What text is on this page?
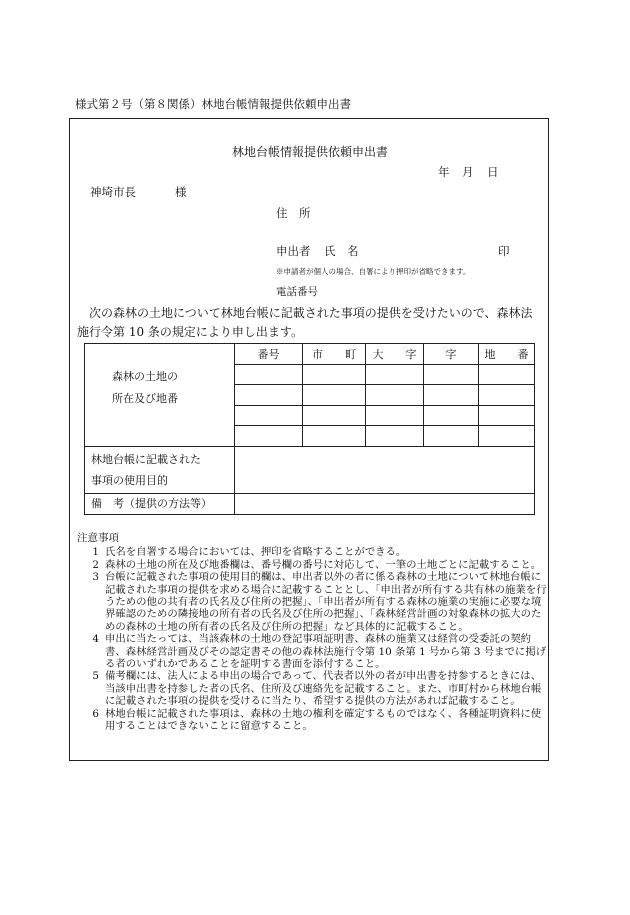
様式第２号（第８関係）林地台帳情報提供依頼申出書
林地台帳情報提供依頼申出書
年 月 日
神埼市長	様
住　所
申出者 氏　名	印
※申請者が個人の場合、自署により押印が省略できます。
電話番号
　次の森林の土地について林地台帳に記載された事項の提供を受けたいので、森林法
施行令第 10 条の規定により申し出ます。
森林の土地の
所在及び地番	番号	市　　町	大　　字	字	地　　番

林地台帳に記載された
事項の使用目的					

備　考（提供の方法等）					
注意事項
1 氏名を自署する場合においては、押印を省略することができる。
2 森林の土地の所在及び地番欄は、番号欄の番号に対応して、一筆の土地ごとに記載すること。
3 台帳に記載された事項の使用目的欄は、申出者以外の者に係る森林の土地について林地台帳に記載された事項の提供を求める場合に記載することとし、「申出者が所有する共有林の施業を行うための他の共有者の氏名及び住所の把握」、「申出者が所有する森林の施業の実施に必要な境界確認のための隣接地の所有者の氏名及び住所の把握」、「森林経営計画の対象森林の拡大のための森林の土地の所有者の氏名及び住所の把握」など具体的に記載すること。
4 申出に当たっては、当該森林の土地の登記事項証明書、森林の施業又は経営の受委託の契約書、森林経営計画及びその認定書その他の森林法施行令第 10 条第 1 号から第 3 号までに掲げる者のいずれかであることを証明する書面を添付すること。
5 備考欄には、法人による申出の場合であって、代表者以外の者が申出書を持参するときには、当該申出書を持参した者の氏名、住所及び連絡先を記載すること。また、市町村から林地台帳に記載された事項の提供を受けるに当たり、希望する提供の方法があれば記載すること。
6 林地台帳に記載された事項は、森林の土地の権利を確定するものではなく、各種証明資料に使用することはできないことに留意すること。
